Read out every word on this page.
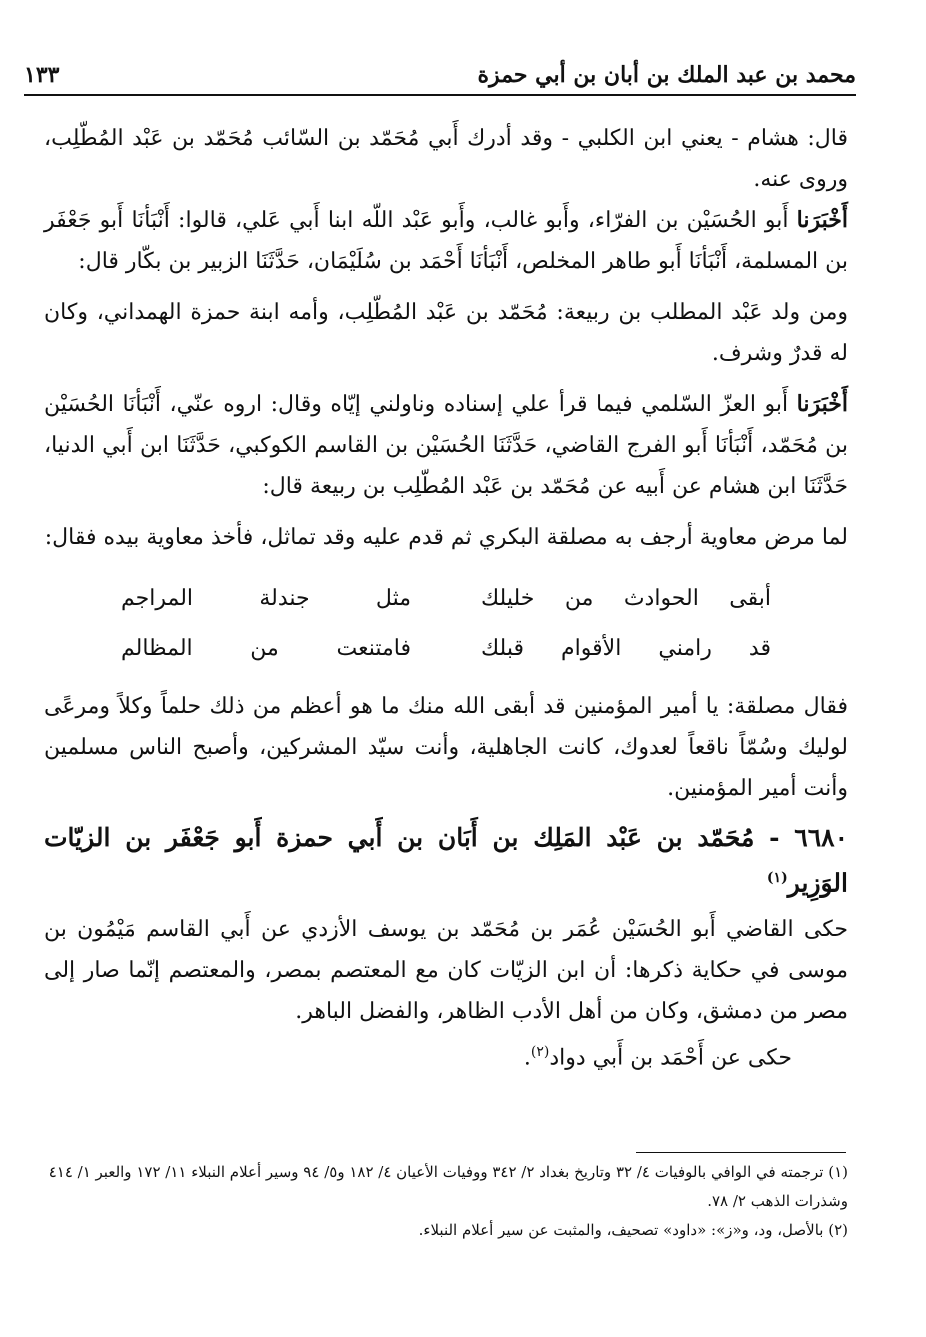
محمد بن عبد الملك بن أبان بن أبي حمزة
١٣٣

قال: هشام - يعني ابن الكلبي - وقد أدرك أَبي مُحَمّد بن السّائب مُحَمّد بن عَبْد المُطّلِب، وروى عنه.

أَخْبَرَنا أَبو الحُسَيْن بن الفرّاء، وأَبو غالب، وأَبو عَبْد اللّه ابنا أَبي عَلي، قالوا: أَنْبَأنَا أَبو جَعْفَر بن المسلمة، أَنْبَأنَا أَبو طاهر المخلص، أَنْبَأنَا أَحْمَد بن سُلَيْمَان، حَدَّثَنَا الزبير بن بكّار قال:

ومن ولد عَبْد المطلب بن ربيعة: مُحَمّد بن عَبْد المُطّلِب، وأمه ابنة حمزة الهمداني، وكان له قدرٌ وشرف.

أَخْبَرَنا أَبو العزّ السّلمي فيما قرأ علي إسناده وناولني إيّاه وقال: اروه عنّي، أَنْبَأنَا الحُسَيْن بن مُحَمّد، أَنْبَأنَا أَبو الفرج القاضي، حَدَّثَنَا الحُسَيْن بن القاسم الكوكبي، حَدَّثَنَا ابن أَبي الدنيا، حَدَّثَنَا ابن هشام عن أَبيه عن مُحَمّد بن عَبْد المُطّلِب بن ربيعة قال:

لما مرض معاوية أرجف به مصلقة البكري ثم قدم عليه وقد تماثل، فأخذ معاوية بيده فقال:

أبقى الحوادث من خليلك
مثل جندلة المراجم
قد رامني الأقوام قبلك
فامتنعت من المظالم

فقال مصلقة: يا أمير المؤمنين قد أبقى الله منك ما هو أعظم من ذلك حلماً وكلاً ومرعًى لوليك وسُمّاً ناقعاً لعدوك، كانت الجاهلية، وأنت سيّد المشركين، وأصبح الناس مسلمين وأنت أمير المؤمنين.

٦٦٨٠ - مُحَمّد بن عَبْد المَلِك بن أَبَان بن أَبي حمزة أَبو جَعْفَر بن الزيّات الوَزِير$^{(١)}$

حكى القاضي أَبو الحُسَيْن عُمَر بن مُحَمّد بن يوسف الأزدي عن أَبي القاسم مَيْمُون بن موسى في حكاية ذكرها: أن ابن الزيّات كان مع المعتصم بمصر، والمعتصم إنّما صار إلى مصر من دمشق، وكان من أهل الأدب الظاهر، والفضل الباهر.

حكى عن أَحْمَد بن أَبي دواد$^{(٢)}$.

(١) ترجمته في الوافي بالوفيات ٤/ ٣٢ وتاريخ بغداد ٢/ ٣٤٢ ووفيات الأعيان ٤/ ١٨٢ و٥/ ٩٤ وسير أعلام النبلاء ١١/ ١٧٢ والعبر ١/ ٤١٤ وشذرات الذهب ٢/ ٧٨.
(٢) بالأصل، ود، و«ز»: «داود» تصحيف، والمثبت عن سير أعلام النبلاء.
